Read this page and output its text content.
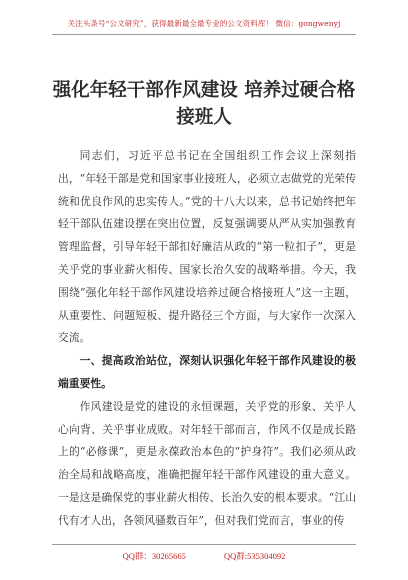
关注头条号“公文研究”，获得最新最全最专业的公文资料库！ 微信：gongwenyj
强化年轻干部作风建设 培养过硬合格接班人

同志们，习近平总书记在全国组织工作会议上深刻指出，“年轻干部是党和国家事业接班人，必须立志做党的光荣传统和优良作风的忠实传人。”党的十八大以来，总书记始终把年轻干部队伍建设摆在突出位置，反复强调要从严从实加强教育管理监督，引导年轻干部扣好廉洁从政的“第一粒扣子”，更是关乎党的事业薪火相传、国家长治久安的战略举措。今天，我围绕“强化年轻干部作风建设培养过硬合格接班人”这一主题，从重要性、问题短板、提升路径三个方面，与大家作一次深入交流。

一、提高政治站位，深刻认识强化年轻干部作风建设的极端重要性。

作风建设是党的建设的永恒课题，关乎党的形象、关乎人心向背、关乎事业成败。对年轻干部而言，作风不仅是成长路上的“必修课”，更是永葆政治本色的“护身符”。我们必须从政治全局和战略高度，准确把握年轻干部作风建设的重大意义。一是这是确保党的事业薪火相传、长治久安的根本要求。“江山代有才人出，各领风骚数百年”，但对我们党而言，事业的传

QQ群：30265665	QQ群:535304092
